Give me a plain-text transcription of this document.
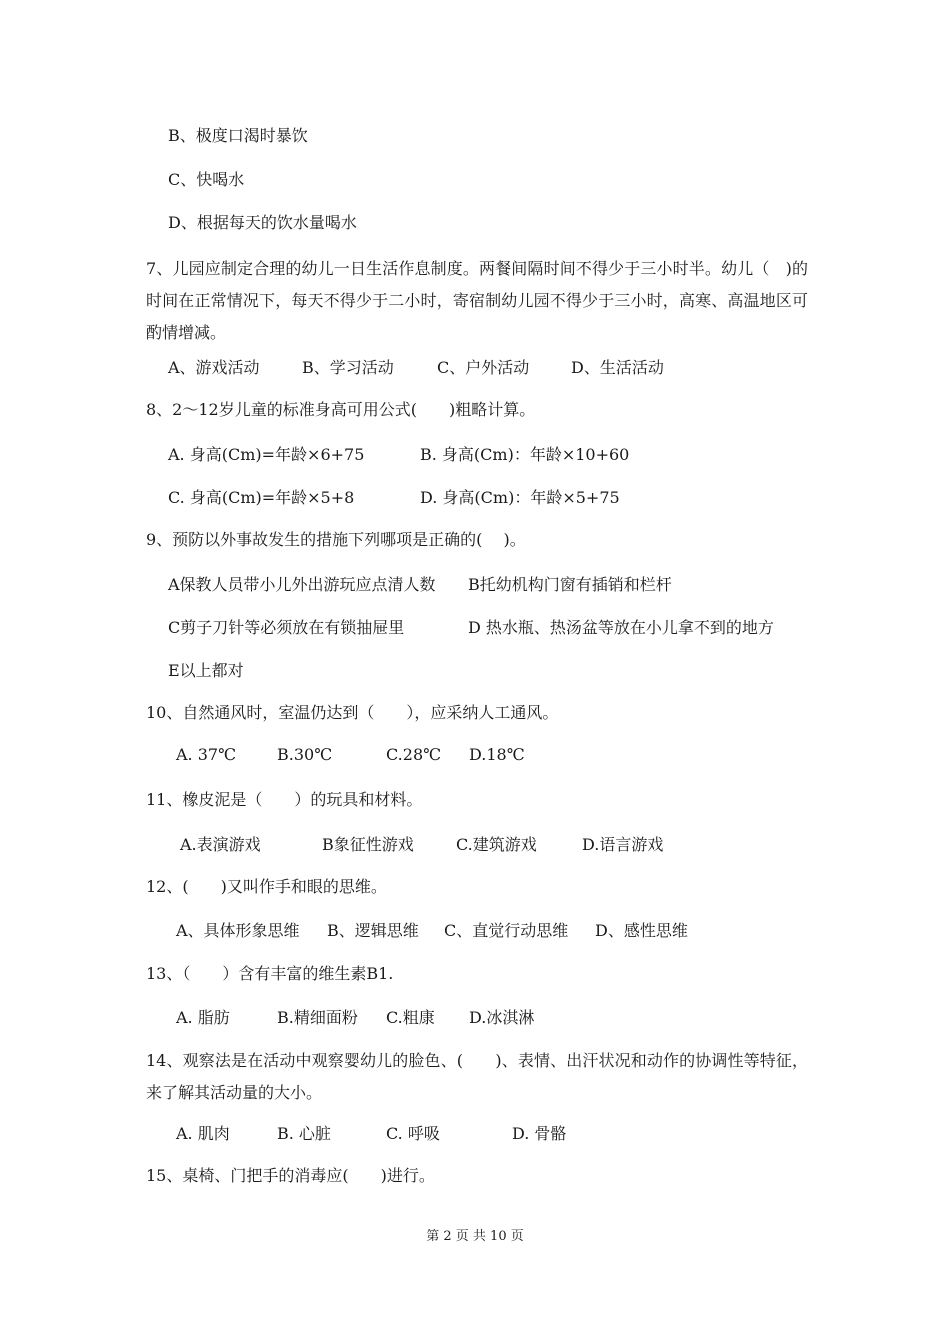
B、极度口渴时暴饮
C、快喝水
D、根据每天的饮水量喝水
7、儿园应制定合理的幼儿一日生活作息制度。两餐间隔时间不得少于三小时半。幼儿（　)的时间在正常情况下，每天不得少于二小时，寄宿制幼儿园不得少于三小时，高寒、高温地区可酌情增减。
A、游戏活动	B、学习活动	C、户外活动	D、生活活动
8、2～12岁儿童的标准身高可用公式(　　)粗略计算。
A. 身高(Cm)=年龄×6+75	B. 身高(Cm)：年龄×10+60
C. 身高(Cm)=年龄×5+8	D. 身高(Cm)：年龄×5+75
9、预防以外事故发生的措施下列哪项是正确的(　 )。
A保教人员带小儿外出游玩应点清人数 B托幼机构门窗有插销和栏杆
C剪子刀针等必须放在有锁抽屉里	D 热水瓶、热汤盆等放在小儿拿不到的地方
E以上都对
10、自然通风时，室温仍达到（　　），应采纳人工通风。
A. 37℃	B.30℃	C.28℃ D.18℃
11、橡皮泥是（　　）的玩具和材料。
A.表演游戏	B象征性游戏	C.建筑游戏	D.语言游戏
12、(　　)又叫作手和眼的思维。
A、具体形象思维 B、逻辑思维 C、直觉行动思维 D、感性思维
13、（　　）含有丰富的维生素B1.
A. 脂肪	B.精细面粉 C.粗康 D.冰淇淋
14、观察法是在活动中观察婴幼儿的脸色、(　　)、表情、出汗状况和动作的协调性等特征，来了解其活动量的大小。
A. 肌肉	B. 心脏	C. 呼吸	D. 骨骼
15、桌椅、门把手的消毒应(　　)进行。
第 2 页 共 10 页
